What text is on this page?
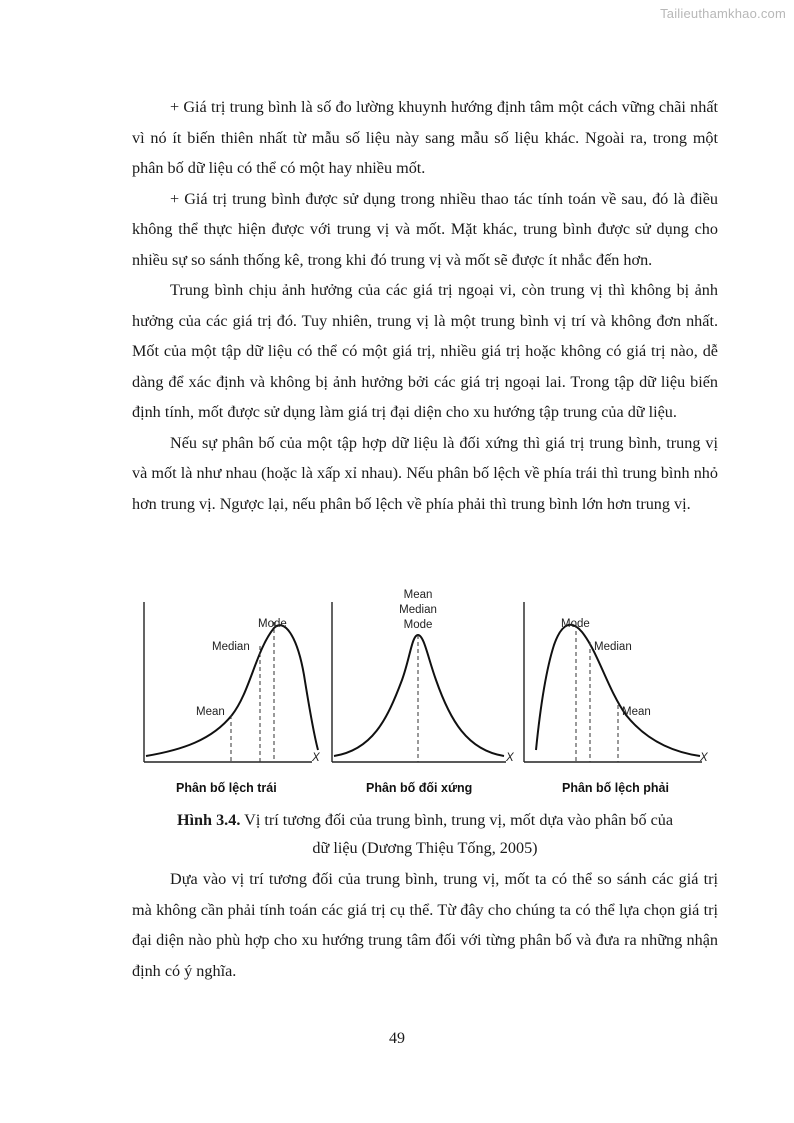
Tailieuthamkhao.com

+ Giá trị trung bình là số đo lường khuynh hướng định tâm một cách vững chãi nhất vì nó ít biến thiên nhất từ mẫu số liệu này sang mẫu số liệu khác. Ngoài ra, trong một phân bố dữ liệu có thể có một hay nhiều mốt.

+ Giá trị trung bình được sử dụng trong nhiều thao tác tính toán về sau, đó là điều không thể thực hiện được với trung vị và mốt. Mặt khác, trung bình được sử dụng cho nhiều sự so sánh thống kê, trong khi đó trung vị và mốt sẽ được ít nhắc đến hơn.

Trung bình chịu ảnh hưởng của các giá trị ngoại vi, còn trung vị thì không bị ảnh hưởng của các giá trị đó. Tuy nhiên, trung vị là một trung bình vị trí và không đơn nhất. Mốt của một tập dữ liệu có thể có một giá trị, nhiều giá trị hoặc không có giá trị nào, dễ dàng để xác định và không bị ảnh hưởng bởi các giá trị ngoại lai. Trong tập dữ liệu biến định tính, mốt được sử dụng làm giá trị đại diện cho xu hướng tập trung của dữ liệu.

Nếu sự phân bố của một tập hợp dữ liệu là đối xứng thì giá trị trung bình, trung vị và mốt là như nhau (hoặc là xấp xỉ nhau). Nếu phân bố lệch về phía trái thì trung bình nhỏ hơn trung vị. Ngược lại, nếu phân bố lệch về phía phải thì trung bình lớn hơn trung vị.

Mode
Median
Mean
X
Mean
Median
Mode
X
Mode
Median
Mean
X
Phân bố lệch trái	Phân bố đối xứng	Phân bố lệch phải
Hình 3.4. Vị trí tương đối của trung bình, trung vị, mốt dựa vào phân bố của
dữ liệu (Dương Thiệu Tống, 2005)

Dựa vào vị trí tương đối của trung bình, trung vị, mốt ta có thể so sánh các giá trị mà không cần phải tính toán các giá trị cụ thể. Từ đây cho chúng ta có thể lựa chọn giá trị đại diện nào phù hợp cho xu hướng trung tâm đối với từng phân bố và đưa ra những nhận định có ý nghĩa.

49
